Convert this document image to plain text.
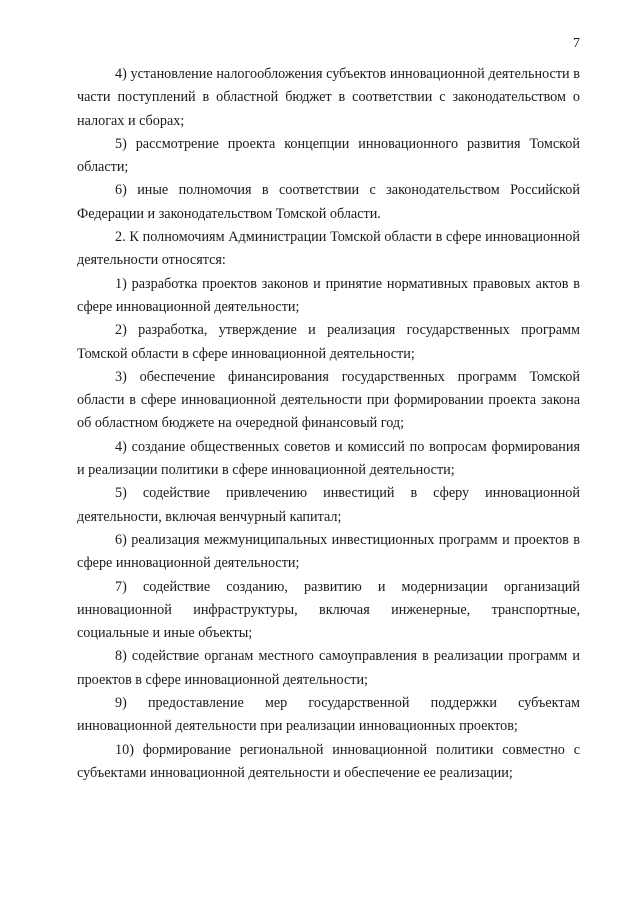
7

4) установление налогообложения субъектов инновационной деятельности в части поступлений в областной бюджет в соответствии с законодательством о налогах и сборах;

5) рассмотрение проекта концепции инновационного развития Томской области;

6) иные полномочия в соответствии с законодательством Российской Федерации и законодательством Томской области.

2. К полномочиям Администрации Томской области в сфере инновационной деятельности относятся:

1) разработка проектов законов и принятие нормативных правовых актов в сфере инновационной деятельности;

2) разработка, утверждение и реализация государственных программ Томской области в сфере инновационной деятельности;

3) обеспечение финансирования государственных программ Томской области в сфере инновационной деятельности при формировании проекта закона об областном бюджете на очередной финансовый год;

4) создание общественных советов и комиссий по вопросам формирования и реализации политики в сфере инновационной деятельности;

5) содействие привлечению инвестиций в сферу инновационной деятельности, включая венчурный капитал;

6) реализация межмуниципальных инвестиционных программ и проектов в сфере инновационной деятельности;

7) содействие созданию, развитию и модернизации организаций инновационной инфраструктуры, включая инженерные, транспортные, социальные и иные объекты;

8) содействие органам местного самоуправления в реализации программ и проектов в сфере инновационной деятельности;

9) предоставление мер государственной поддержки субъектам инновационной деятельности при реализации инновационных проектов;

10) формирование региональной инновационной политики совместно с субъектами инновационной деятельности и обеспечение ее реализации;
